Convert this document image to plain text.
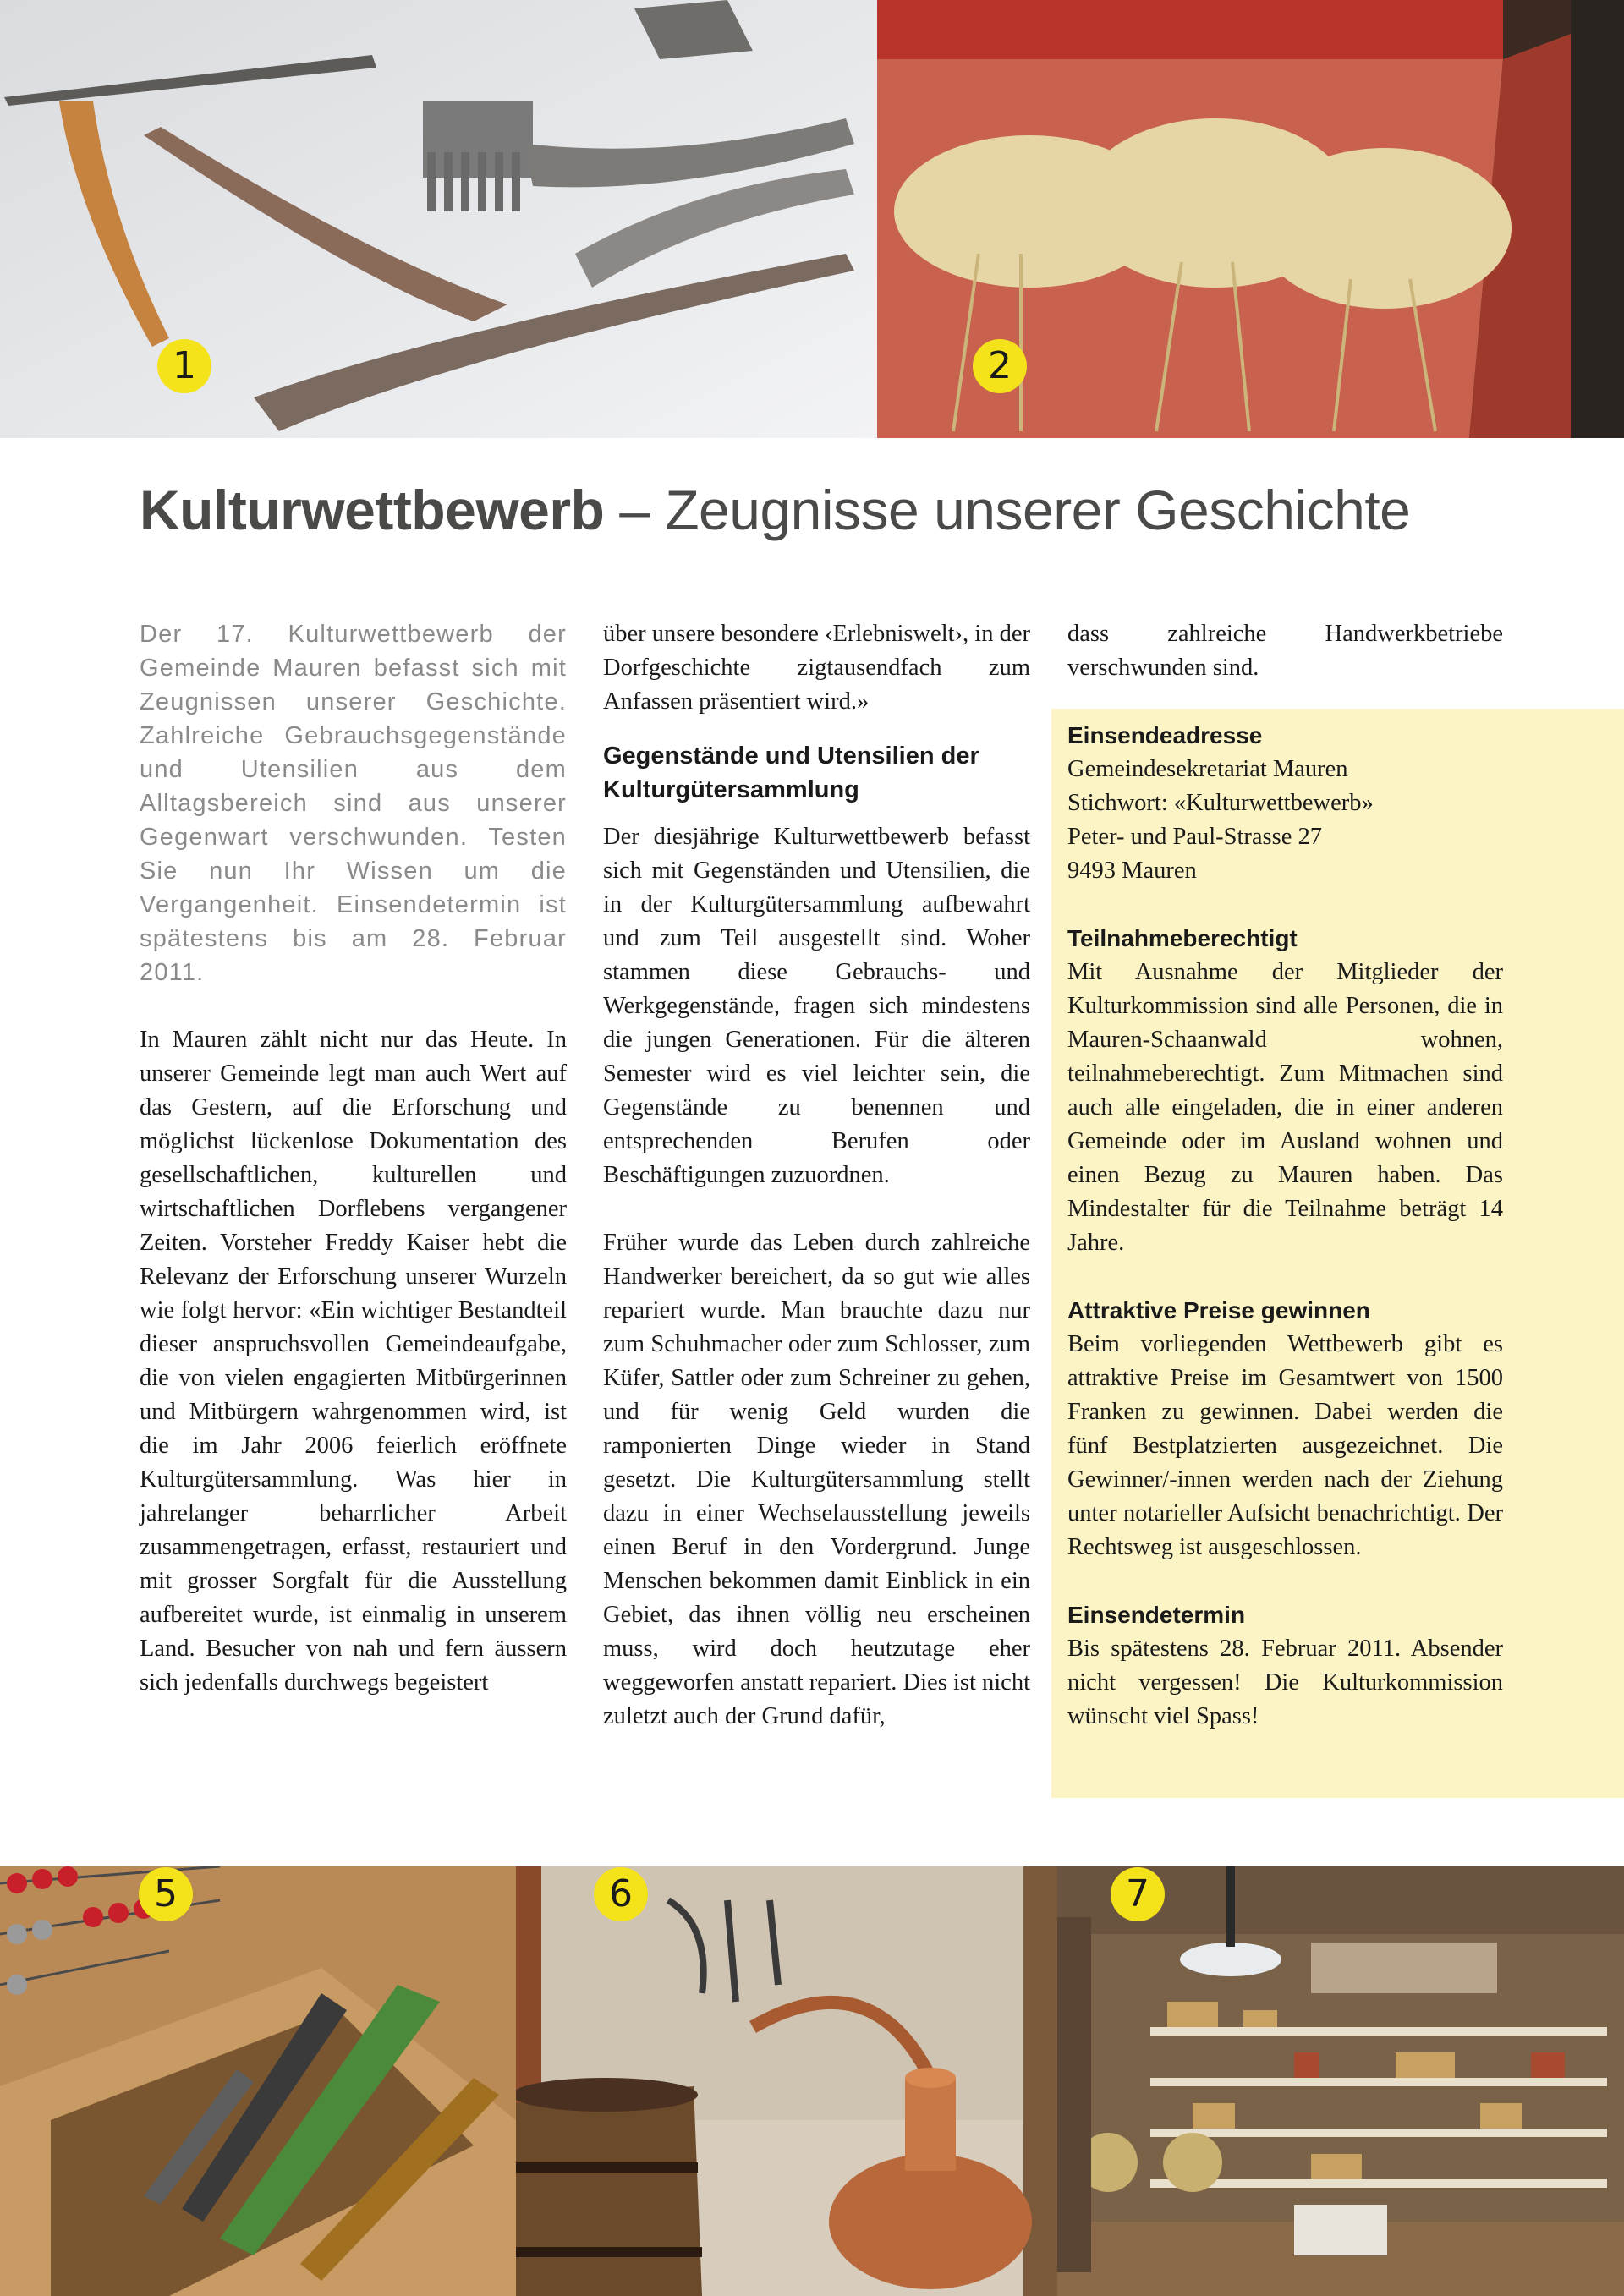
1	2
Kulturwettbewerb – Zeugnisse unserer Geschichte

Der 17. Kulturwettbewerb der Gemeinde Mauren befasst sich mit Zeugnissen unserer Geschichte. Zahlreiche Gebrauchsgegenstände und Utensilien aus dem Alltagsbereich sind aus unserer Gegenwart verschwunden. Testen Sie nun Ihr Wissen um die Vergangenheit. Einsendetermin ist spätestens bis am 28. Februar 2011.

In Mauren zählt nicht nur das Heute. In unserer Gemeinde legt man auch Wert auf das Gestern, auf die Erforschung und möglichst lückenlose Dokumentation des gesellschaftlichen, kulturellen und wirtschaftlichen Dorflebens vergangener Zeiten. Vorsteher Freddy Kaiser hebt die Relevanz der Erforschung unserer Wurzeln wie folgt hervor: «Ein wichtiger Bestandteil dieser anspruchsvollen Gemeindeaufgabe, die von vielen engagierten Mitbürgerinnen und Mitbürgern wahrgenommen wird, ist die im Jahr 2006 feierlich eröffnete Kulturgütersammlung. Was hier in jahrelanger beharrlicher Arbeit zusammengetragen, erfasst, restauriert und mit grosser Sorgfalt für die Ausstellung aufbereitet wurde, ist einmalig in unserem Land. Besucher von nah und fern äussern sich jedenfalls durchwegs begeistert

über unsere besondere ‹Erlebniswelt›, in der Dorfgeschichte zigtausendfach zum Anfassen präsentiert wird.»

Gegenstände und Utensilien der Kulturgütersammlung

Der diesjährige Kulturwettbewerb befasst sich mit Gegenständen und Utensilien, die in der Kulturgütersammlung aufbewahrt und zum Teil ausgestellt sind. Woher stammen diese Gebrauchs- und Werkgegenstände, fragen sich mindestens die jungen Generationen. Für die älteren Semester wird es viel leichter sein, die Gegenstände zu benennen und entsprechenden Berufen oder Beschäftigungen zuzuordnen.

Früher wurde das Leben durch zahlreiche Handwerker bereichert, da so gut wie alles repariert wurde. Man brauchte dazu nur zum Schuhmacher oder zum Schlosser, zum Küfer, Sattler oder zum Schreiner zu gehen, und für wenig Geld wurden die ramponierten Dinge wieder in Stand gesetzt. Die Kulturgütersammlung stellt dazu in einer Wechselausstellung jeweils einen Beruf in den Vordergrund. Junge Menschen bekommen damit Einblick in ein Gebiet, das ihnen völlig neu erscheinen muss, wird doch heutzutage eher weggeworfen anstatt repariert. Dies ist nicht zuletzt auch der Grund dafür,

dass zahlreiche Handwerkbetriebe verschwunden sind.

Einsendeadresse
Gemeindesekretariat Mauren
Stichwort: «Kulturwettbewerb»
Peter- und Paul-Strasse 27
9493 Mauren
Teilnahmeberechtigt

Mit Ausnahme der Mitglieder der Kulturkommission sind alle Personen, die in Mauren-Schaanwald wohnen, teilnahmeberechtigt. Zum Mitmachen sind auch alle eingeladen, die in einer anderen Gemeinde oder im Ausland wohnen und einen Bezug zu Mauren haben. Das Mindestalter für die Teilnahme beträgt 14 Jahre.

Attraktive Preise gewinnen

Beim vorliegenden Wettbewerb gibt es attraktive Preise im Gesamtwert von 1500 Franken zu gewinnen. Dabei werden die fünf Bestplatzierten ausgezeichnet. Die Gewinner/-innen werden nach der Ziehung unter notarieller Aufsicht benachrichtigt. Der Rechtsweg ist ausgeschlossen.

Einsendetermin

Bis spätestens 28. Februar 2011. Absender nicht vergessen! Die Kulturkommission wünscht viel Spass!

5	6	7
